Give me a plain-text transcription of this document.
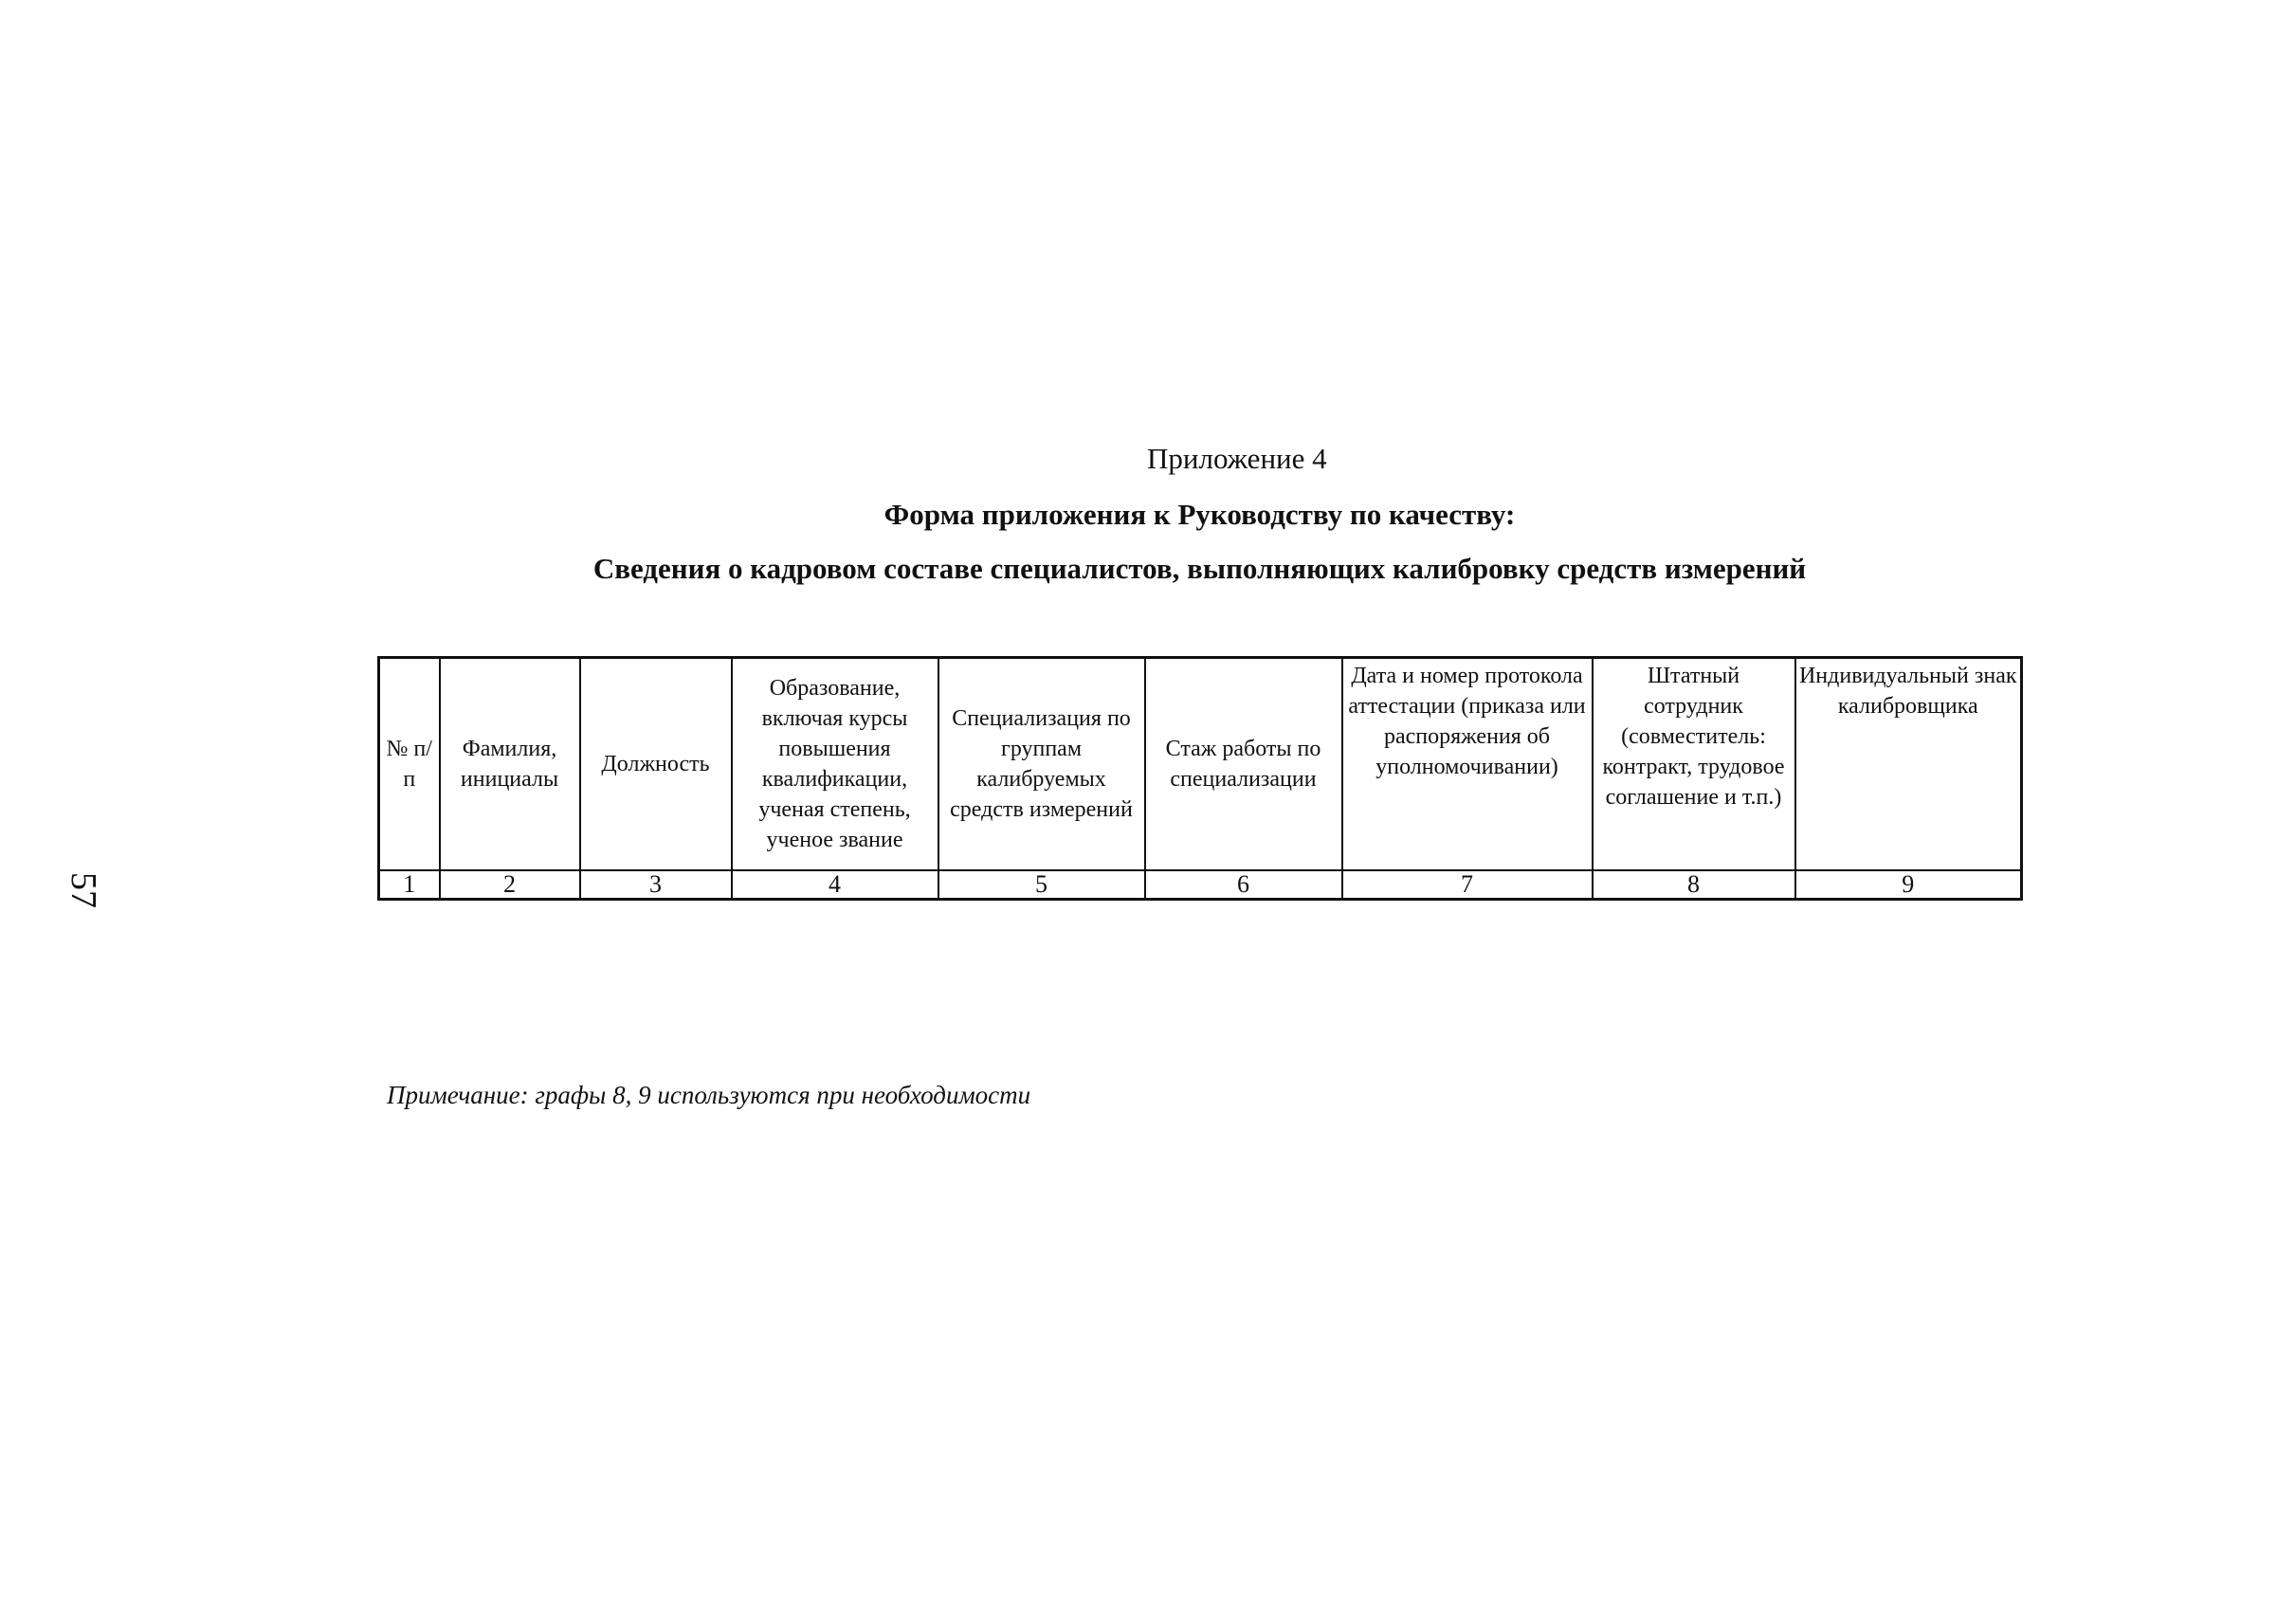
57
Приложение 4
Форма приложения к Руководству по качеству:
Сведения о кадровом составе специалистов, выполняющих калибровку средств измерений
№ п/п	Фамилия, инициалы	Должность	Образование, включая курсы повышения квалификации, ученая степень, ученое звание	Специализация по группам калибруемых средств измерений	Стаж работы по специализации	Дата и номер протокола аттестации (приказа или распоряжения об уполномочивании)	Штатный сотрудник (совместитель: контракт, трудовое соглашение и т.п.)	Индивидуальный знак калибровщика
1	2	3	4	5	6	7	8	9
Примечание: графы 8, 9 используются при необходимости
